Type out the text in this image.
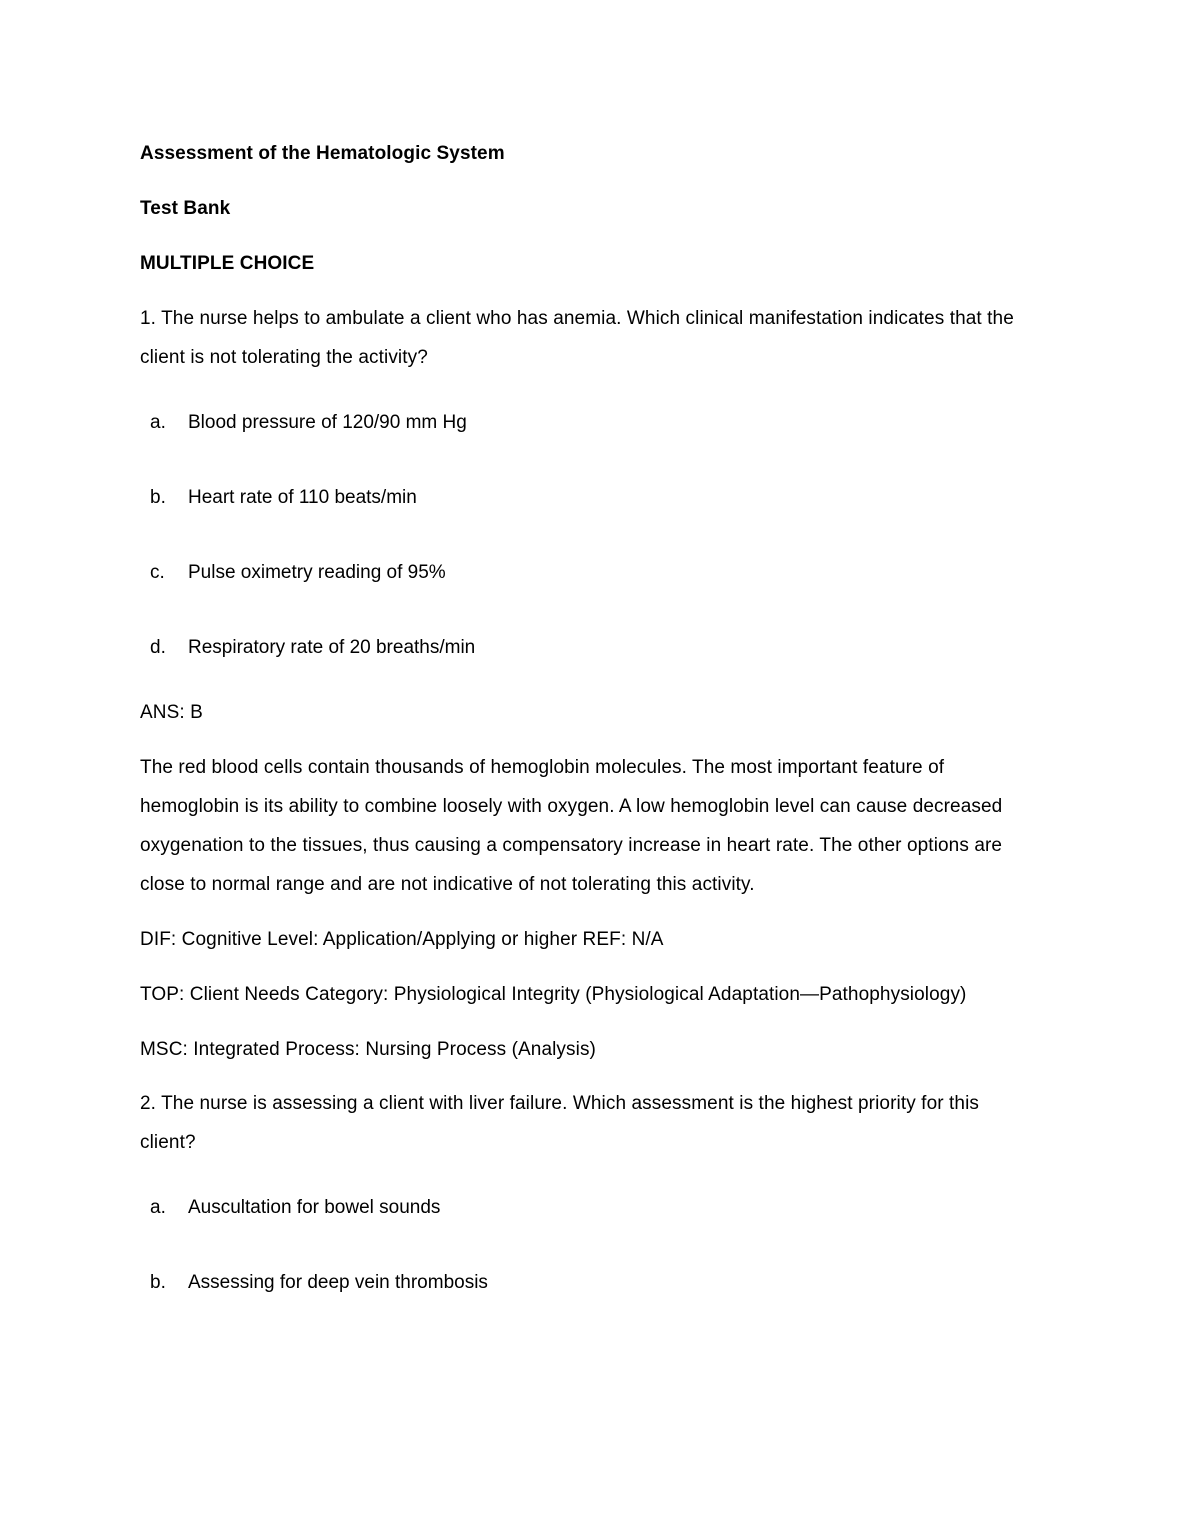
Assessment of the Hematologic System
Test Bank
MULTIPLE CHOICE
1. The nurse helps to ambulate a client who has anemia. Which clinical manifestation indicates that the
client is not tolerating the activity?
a. Blood pressure of 120/90 mm Hg
b. Heart rate of 110 beats/min
c. Pulse oximetry reading of 95%
d. Respiratory rate of 20 breaths/min
ANS: B
The red blood cells contain thousands of hemoglobin molecules. The most important feature of
hemoglobin is its ability to combine loosely with oxygen. A low hemoglobin level can cause decreased
oxygenation to the tissues, thus causing a compensatory increase in heart rate. The other options are
close to normal range and are not indicative of not tolerating this activity.
DIF: Cognitive Level: Application/Applying or higher REF: N/A
TOP: Client Needs Category: Physiological Integrity (Physiological Adaptation—Pathophysiology)
MSC: Integrated Process: Nursing Process (Analysis)
2. The nurse is assessing a client with liver failure. Which assessment is the highest priority for this
client?
a. Auscultation for bowel sounds
b. Assessing for deep vein thrombosis
